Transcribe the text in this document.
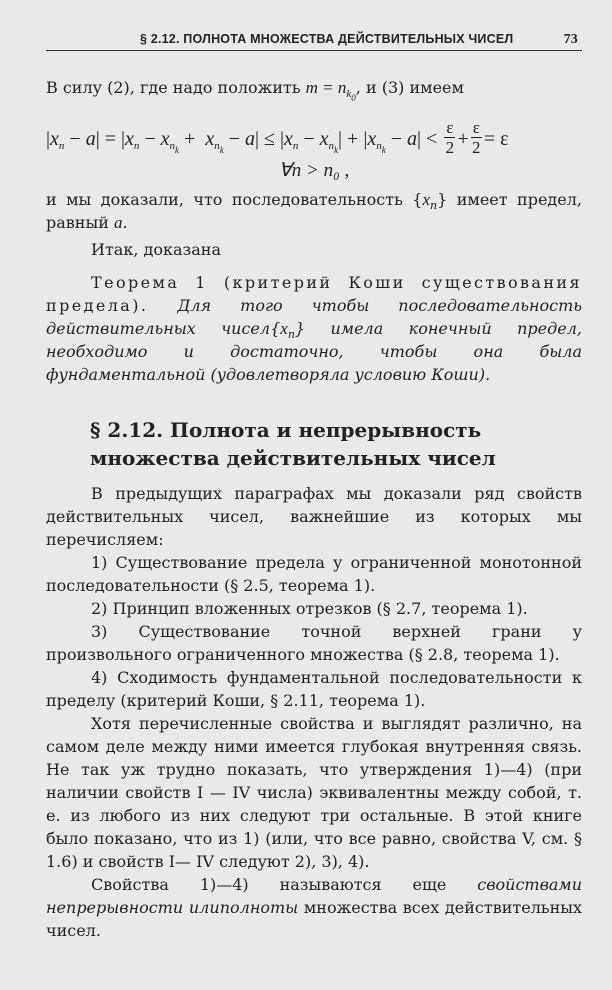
§ 2.12. ПОЛНОТА МНОЖЕСТВА ДЕЙСТВИТЕЛЬНЫХ ЧИСЕЛ	73

В силу (2), где надо положить $m = n_{k_0}$, и (3) имеем

$|x_n - a| = |x_n - x_{n_k} + x_{n_k} - a| \le |x_n - x_{n_k}| + |x_{n_k} - a| < \frac{\varepsilon}{2} + \frac{\varepsilon}{2} = \varepsilon$
∀n > n₀ ,

и мы доказали, что последовательность $\{x_n\}$ имеет предел, равный a.

Итак, доказана

Теорема 1 (критерий Коши существования предела). Для того чтобы последовательность действительных $чисел\{x_n\}$ имела конечный предел, необходимо и достаточно, чтобы она была фундаментальной (удовлетворяла условию Коши).

§ 2.12. Полнота и непрерывность множества действительных чисел

В предыдущих параграфах мы доказали ряд свойств действительных чисел, важнейшие из которых мы перечисляем:

1) Существование предела у ограниченной монотонной последовательности (§ 2.5, теорема 1).

2) Принцип вложенных отрезков (§ 2.7, теорема 1).

3) Существование точной верхней грани у произвольного ограниченного множества (§ 2.8, теорема 1).

4) Сходимость фундаментальной последовательности к пределу (критерий Коши, § 2.11, теорема 1).

Хотя перечисленные свойства и выглядят различно, на самом деле между ними имеется глубокая внутренняя связь. Не так уж трудно показать, что утверждения 1)—4) (при наличии свойств I — IV числа) эквивалентны между собой, т. е. из любого из них следуют три остальные. В этой книге было показано, что из 1) (или, что все равно, свойства V, см. § 1.6) и свойств I— IV следуют 2), 3), 4).

Свойства 1)—4) называются еще свойствами непрерывности илиполноты множества всех действительных чисел.
